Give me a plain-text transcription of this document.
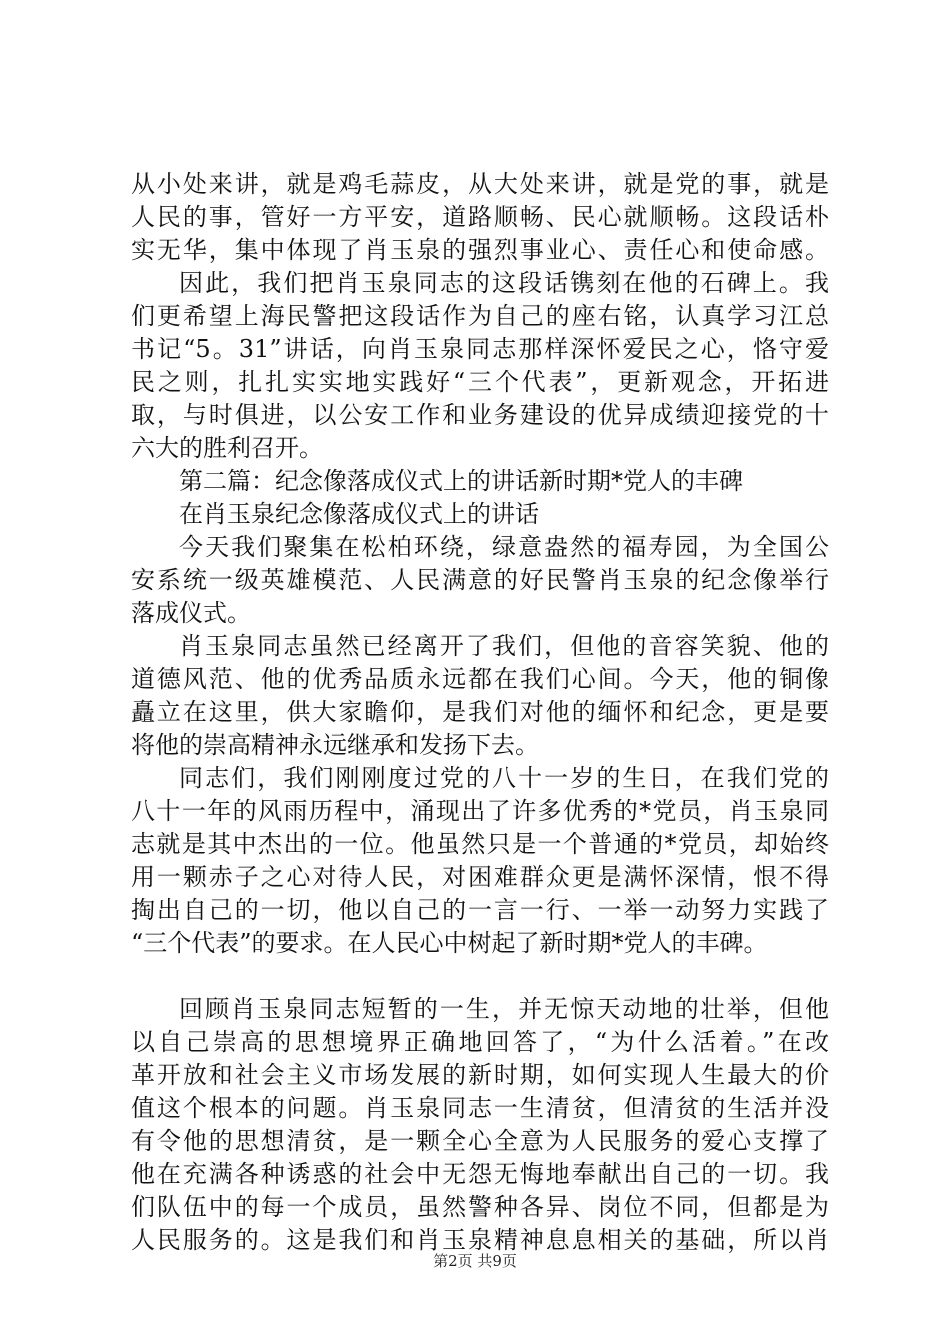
从小处来讲，就是鸡毛蒜皮，从大处来讲，就是党的事，就是
人民的事，管好一方平安，道路顺畅、民心就顺畅。这段话朴
实无华，集中体现了肖玉泉的强烈事业心、责任心和使命感。
因此，我们把肖玉泉同志的这段话镌刻在他的石碑上。我
们更希望上海民警把这段话作为自己的座右铭，认真学习江总
书记“5。31”讲话，向肖玉泉同志那样深怀爱民之心，恪守爱
民之则，扎扎实实地实践好“三个代表”，更新观念，开拓进
取，与时俱进，以公安工作和业务建设的优异成绩迎接党的十
六大的胜利召开。
第二篇：纪念像落成仪式上的讲话新时期*党人的丰碑
在肖玉泉纪念像落成仪式上的讲话
今天我们聚集在松柏环绕，绿意盎然的福寿园，为全国公
安系统一级英雄模范、人民满意的好民警肖玉泉的纪念像举行
落成仪式。
肖玉泉同志虽然已经离开了我们，但他的音容笑貌、他的
道德风范、他的优秀品质永远都在我们心间。今天，他的铜像
矗立在这里，供大家瞻仰，是我们对他的缅怀和纪念，更是要
将他的崇高精神永远继承和发扬下去。
同志们，我们刚刚度过党的八十一岁的生日，在我们党的
八十一年的风雨历程中，涌现出了许多优秀的*党员，肖玉泉同
志就是其中杰出的一位。他虽然只是一个普通的*党员，却始终
用一颗赤子之心对待人民，对困难群众更是满怀深情，恨不得
掏出自己的一切，他以自己的一言一行、一举一动努力实践了
“三个代表”的要求。在人民心中树起了新时期*党人的丰碑。
回顾肖玉泉同志短暂的一生，并无惊天动地的壮举，但他
以自己崇高的思想境界正确地回答了，“为什么活着。”在改
革开放和社会主义市场发展的新时期，如何实现人生最大的价
值这个根本的问题。肖玉泉同志一生清贫，但清贫的生活并没
有令他的思想清贫，是一颗全心全意为人民服务的爱心支撑了
他在充满各种诱惑的社会中无怨无悔地奉献出自己的一切。我
们队伍中的每一个成员，虽然警种各异、岗位不同，但都是为
人民服务的。这是我们和肖玉泉精神息息相关的基础，所以肖
第2页 共9页
